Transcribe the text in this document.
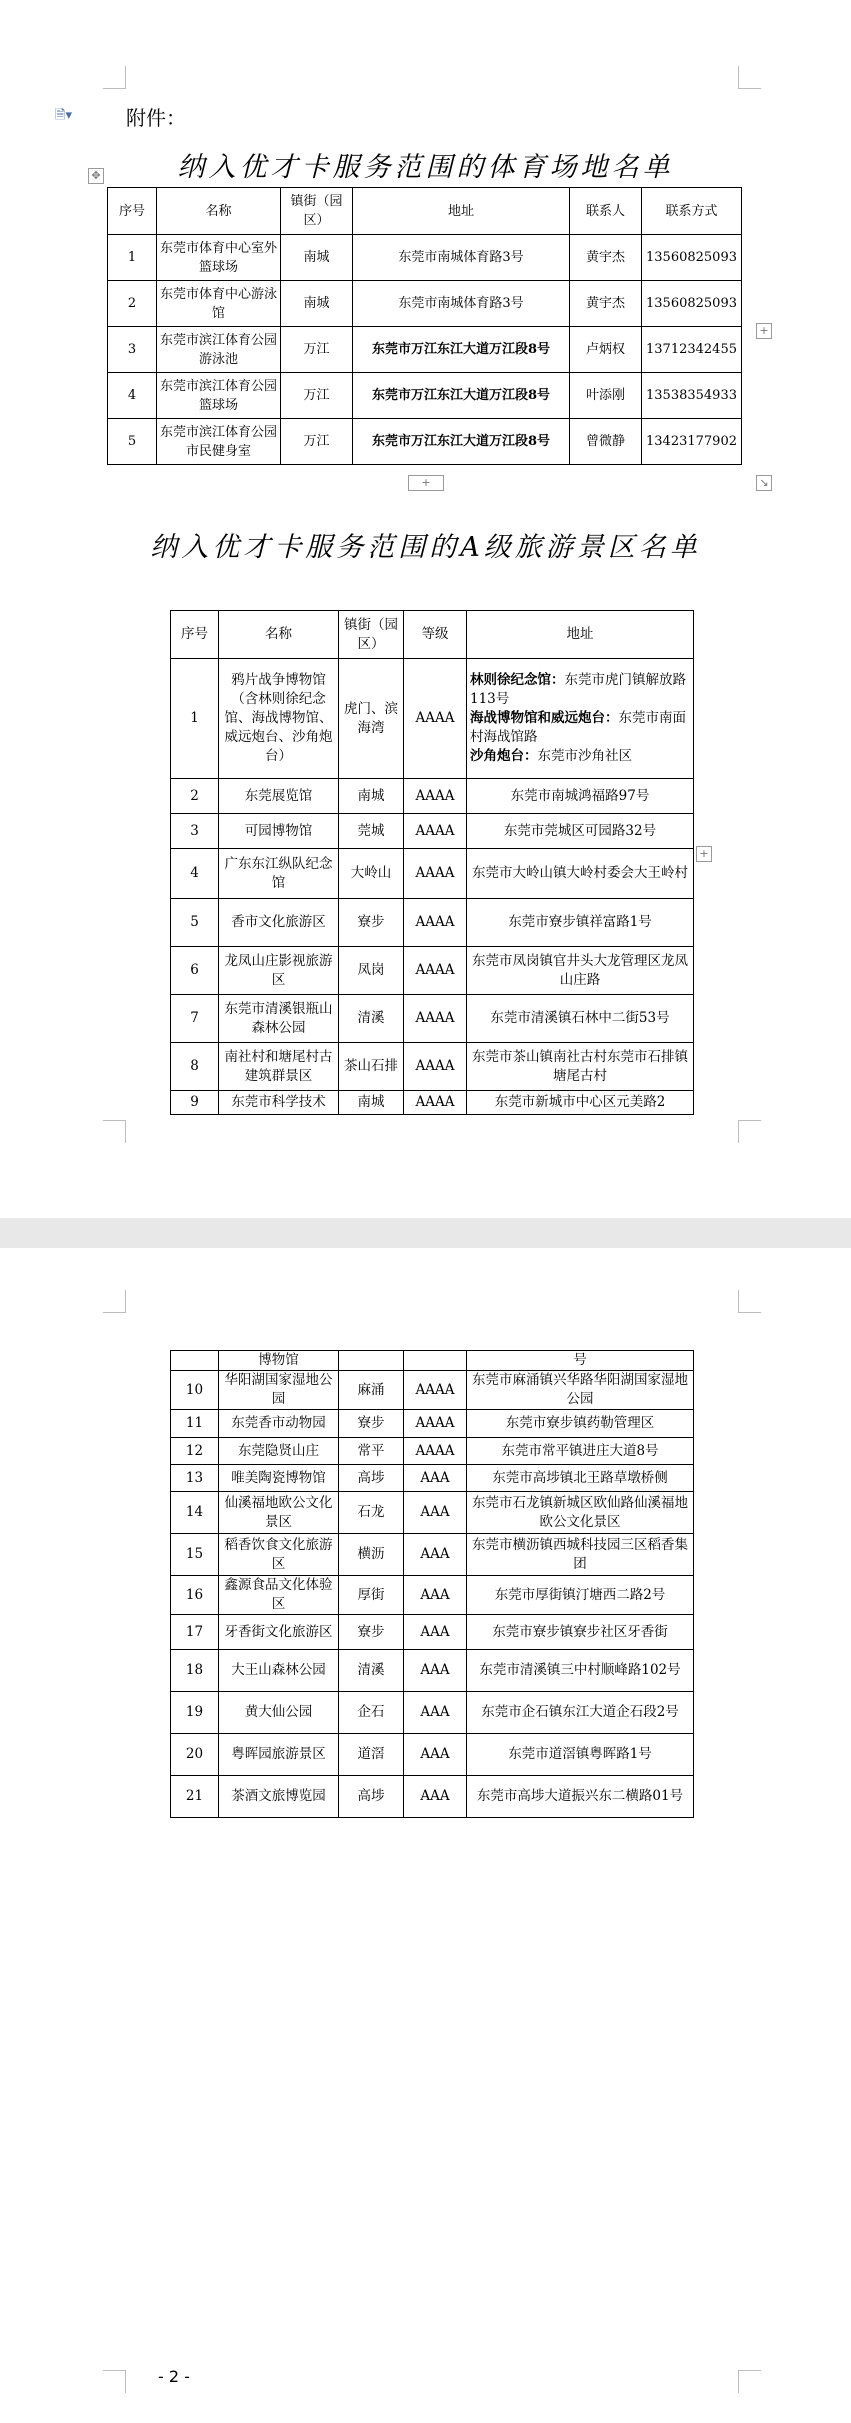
🗎▾	附件：
✥	纳入优才卡服务范围的体育场地名单
序号	名称	镇街（园区）	地址	联系人	联系方式
1	东莞市体育中心室外篮球场	南城	东莞市南城体育路3号	黄宇杰	13560825093
2	东莞市体育中心游泳馆	南城	东莞市南城体育路3号	黄宇杰	13560825093
3	东莞市滨江体育公园游泳池	万江	东莞市万江东江大道万江段8号	卢炳权	13712342455
4	东莞市滨江体育公园篮球场	万江	东莞市万江东江大道万江段8号	叶添刚	13538354933
5	东莞市滨江体育公园市民健身室	万江	东莞市万江东江大道万江段8号	曾微静	13423177902
+
+	↘
纳入优才卡服务范围的A级旅游景区名单
序号	名称	镇街（园区）	等级	地址
1	鸦片战争博物馆（含林则徐纪念馆、海战博物馆、威远炮台、沙角炮台）	虎门、滨海湾	AAAA	林则徐纪念馆：东莞市虎门镇解放路113号
海战博物馆和威远炮台：东莞市南面村海战馆路
沙角炮台：东莞市沙角社区

2	东莞展览馆	南城	AAAA	东莞市南城鸿福路97号
3	可园博物馆	莞城	AAAA	东莞市莞城区可园路32号
4	广东东江纵队纪念馆	大岭山	AAAA	东莞市大岭山镇大岭村委会大王岭村
5	香市文化旅游区	寮步	AAAA	东莞市寮步镇祥富路1号
6	龙凤山庄影视旅游区	凤岗	AAAA	东莞市凤岗镇官井头大龙管理区龙凤山庄路
7	东莞市清溪银瓶山森林公园	清溪	AAAA	东莞市清溪镇石林中二街53号
8	南社村和塘尾村古建筑群景区	茶山石排	AAAA	东莞市茶山镇南社古村东莞市石排镇塘尾古村
9	东莞市科学技术	南城	AAAA	东莞市新城市中心区元美路2
+
	博物馆			号
10	华阳湖国家湿地公园	麻涌	AAAA	东莞市麻涌镇兴华路华阳湖国家湿地公园
11	东莞香市动物园	寮步	AAAA	东莞市寮步镇药勒管理区
12	东莞隐贤山庄	常平	AAAA	东莞市常平镇进庄大道8号
13	唯美陶瓷博物馆	高埗	AAA	东莞市高埗镇北王路草墩桥侧
14	仙溪福地欧公文化景区	石龙	AAA	东莞市石龙镇新城区欧仙路仙溪福地欧公文化景区
15	稻香饮食文化旅游区	横沥	AAA	东莞市横沥镇西城科技园三区稻香集团
16	鑫源食品文化体验区	厚街	AAA	东莞市厚街镇汀塘西二路2号
17	牙香街文化旅游区	寮步	AAA	东莞市寮步镇寮步社区牙香街
18	大王山森林公园	清溪	AAA	东莞市清溪镇三中村顺峰路102号
19	黄大仙公园	企石	AAA	东莞市企石镇东江大道企石段2号
20	粤晖园旅游景区	道滘	AAA	东莞市道滘镇粤晖路1号
21	茶酒文旅博览园	高埗	AAA	东莞市高埗大道振兴东二横路01号
- 2 -
